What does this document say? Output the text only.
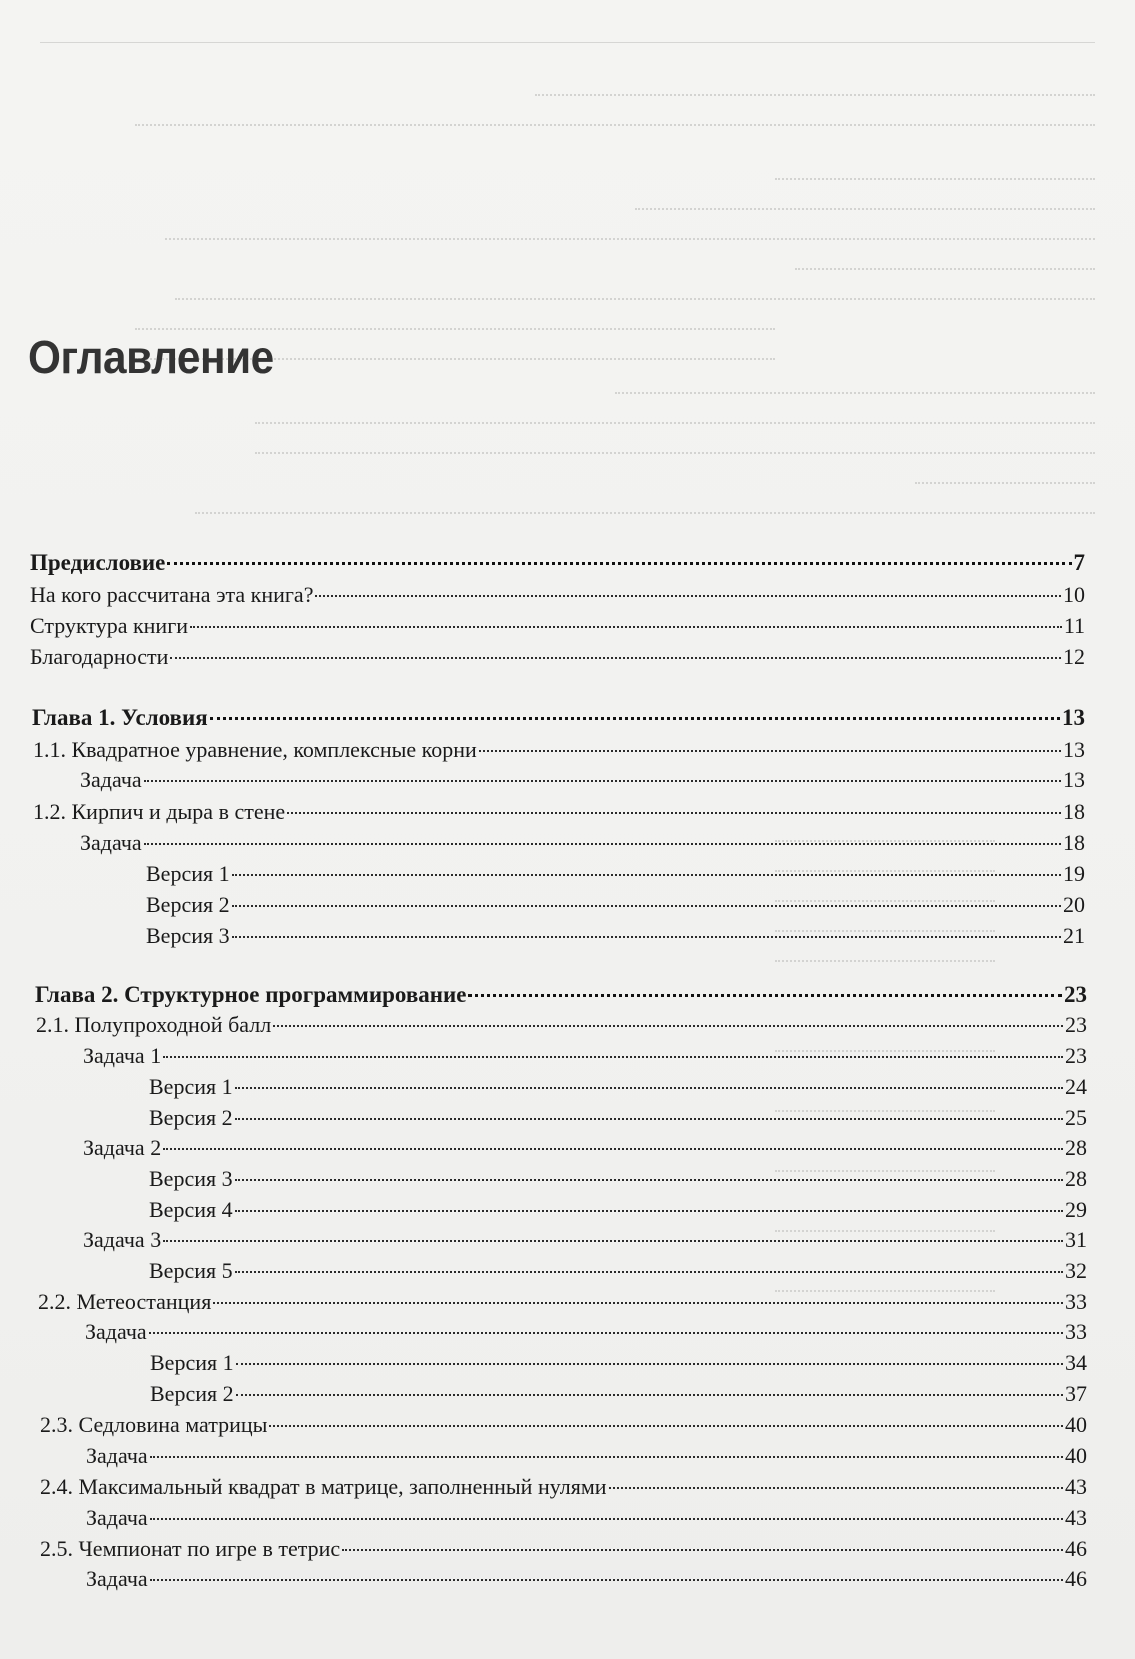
Оглавление
Предисловие	7
На кого рассчитана эта книга?	10
Структура книги	11
Благодарности	12
Глава 1. Условия	13
1.1. Квадратное уравнение, комплексные корни	13
Задача	13
1.2. Кирпич и дыра в стене	18
Задача	18
Версия 1	19
Версия 2	20
Версия 3	21
Глава 2. Структурное программирование	23
2.1. Полупроходной балл	23
Задача 1	23
Версия 1	24
Версия 2	25
Задача 2	28
Версия 3	28
Версия 4	29
Задача 3	31
Версия 5	32
2.2. Метеостанция	33
Задача	33
Версия 1	34
Версия 2	37
2.3. Седловина матрицы	40
Задача	40
2.4. Максимальный квадрат в матрице, заполненный нулями	43
Задача	43
2.5. Чемпионат по игре в тетрис	46
Задача	46
